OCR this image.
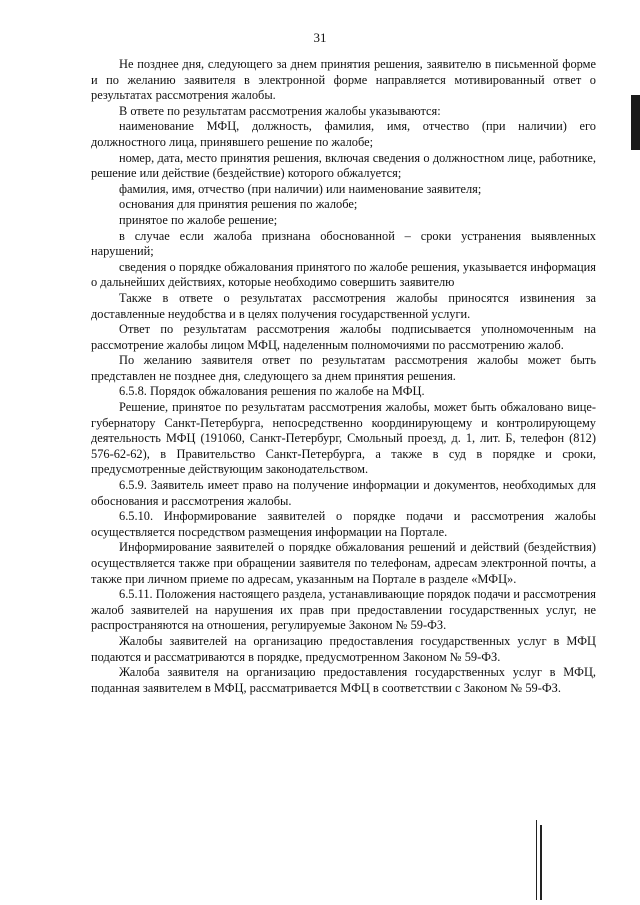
31

Не позднее дня, следующего за днем принятия решения, заявителю в письменной форме и по желанию заявителя в электронной форме направляется мотивированный ответ о результатах рассмотрения жалобы.

В ответе по результатам рассмотрения жалобы указываются:

наименование МФЦ, должность, фамилия, имя, отчество (при наличии) его должностного лица, принявшего решение по жалобе;

номер, дата, место принятия решения, включая сведения о должностном лице, работнике, решение или действие (бездействие) которого обжалуется;

фамилия, имя, отчество (при наличии) или наименование заявителя;

основания для принятия решения по жалобе;

принятое по жалобе решение;

в случае если жалоба признана обоснованной – сроки устранения выявленных нарушений;

сведения о порядке обжалования принятого по жалобе решения, указывается информация о дальнейших действиях, которые необходимо совершить заявителю

Также в ответе о результатах рассмотрения жалобы приносятся извинения за доставленные неудобства и в целях получения государственной услуги.

Ответ по результатам рассмотрения жалобы подписывается уполномоченным на рассмотрение жалобы лицом МФЦ, наделенным полномочиями по рассмотрению жалоб.

По желанию заявителя ответ по результатам рассмотрения жалобы может быть представлен не позднее дня, следующего за днем принятия решения.

6.5.8. Порядок обжалования решения по жалобе на МФЦ.

Решение, принятое по результатам рассмотрения жалобы, может быть обжаловано вице-губернатору Санкт-Петербурга, непосредственно координирующему и контролирующему деятельность МФЦ (191060, Санкт-Петербург, Смольный проезд, д. 1, лит. Б, телефон (812) 576-62-62), в Правительство Санкт-Петербурга, а также в суд в порядке и сроки, предусмотренные действующим законодательством.

6.5.9. Заявитель имеет право на получение информации и документов, необходимых для обоснования и рассмотрения жалобы.

6.5.10. Информирование заявителей о порядке подачи и рассмотрения жалобы осуществляется посредством размещения информации на Портале.

Информирование заявителей о порядке обжалования решений и действий (бездействия) осуществляется также при обращении заявителя по телефонам, адресам электронной почты, а также при личном приеме по адресам, указанным на Портале в разделе «МФЦ».

6.5.11. Положения настоящего раздела, устанавливающие порядок подачи и рассмотрения жалоб заявителей на нарушения их прав при предоставлении государственных услуг, не распространяются на отношения, регулируемые Законом № 59-ФЗ.

Жалобы заявителей на организацию предоставления государственных услуг в МФЦ подаются и рассматриваются в порядке, предусмотренном Законом № 59-ФЗ.

Жалоба заявителя на организацию предоставления государственных услуг в МФЦ, поданная заявителем в МФЦ, рассматривается МФЦ в соответствии с Законом № 59-ФЗ.
